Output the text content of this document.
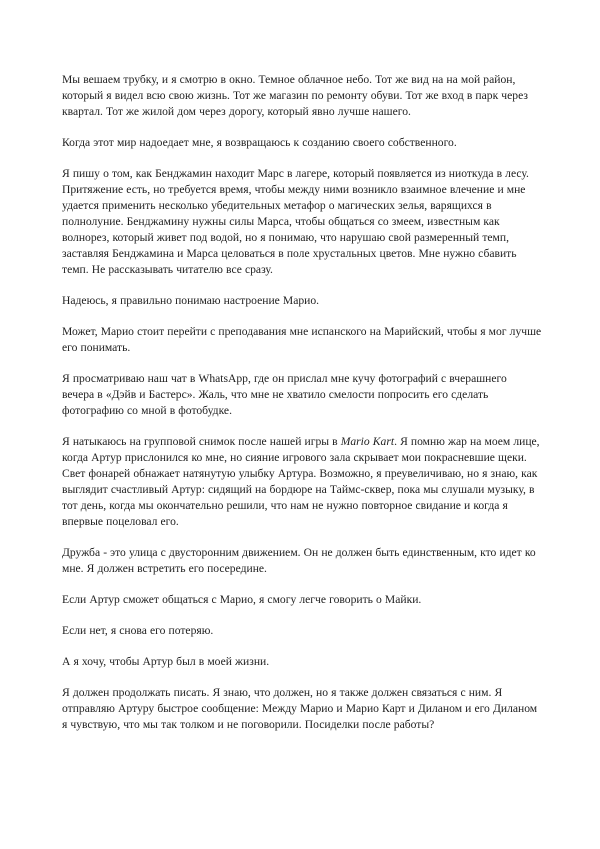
Мы вешаем трубку, и я смотрю в окно. Темное облачное небо. Тот же вид на на мой район, который я видел всю свою жизнь. Тот же магазин по ремонту обуви. Тот же вход в парк через квартал. Тот же жилой дом через дорогу, который явно лучше нашего.

Когда этот мир надоедает мне, я возвращаюсь к созданию своего собственного.

Я пишу о том, как Бенджамин находит Марс в лагере, который появляется из ниоткуда в лесу. Притяжение есть, но требуется время, чтобы между ними возникло взаимное влечение и мне удается применить несколько убедительных метафор о магических зелья, варящихся в полнолуние. Бенджамину нужны силы Марса, чтобы общаться со змеем, известным как волнорез, который живет под водой, но я понимаю, что нарушаю свой размеренный темп, заставляя Бенджамина и Марса целоваться в поле хрустальных цветов. Мне нужно сбавить темп. Не рассказывать читателю все сразу.

Надеюсь, я правильно понимаю настроение Марио.

Может, Марио стоит перейти с преподавания мне испанского на Марийский, чтобы я мог лучше его понимать.

Я просматриваю наш чат в WhatsApp, где он прислал мне кучу фотографий с вчерашнего вечера в «Дэйв и Бастерс». Жаль, что мне не хватило смелости попросить его сделать фотографию со мной в фотобудке.

Я натыкаюсь на групповой снимок после нашей игры в Mario Kart. Я помню жар на моем лице, когда Артур прислонился ко мне, но сияние игрового зала скрывает мои покрасневшие щеки. Свет фонарей обнажает натянутую улыбку Артура. Возможно, я преувеличиваю, но я знаю, как выглядит счастливый Артур: сидящий на бордюре на Таймс-сквер, пока мы слушали музыку, в тот день, когда мы окончательно решили, что нам не нужно повторное свидание и когда я впервые поцеловал его.

Дружба - это улица с двусторонним движением. Он не должен быть единственным, кто идет ко мне. Я должен встретить его посередине.

Если Артур сможет общаться с Марио, я смогу легче говорить о Майки.

Если нет, я снова его потеряю.

А я хочу, чтобы Артур был в моей жизни.

Я должен продолжать писать. Я знаю, что должен, но я также должен связаться с ним. Я отправляю Артуру быстрое сообщение: Между Марио и Марио Карт и Диланом и его Диланом я чувствую, что мы так толком и не поговорили. Посиделки после работы?
